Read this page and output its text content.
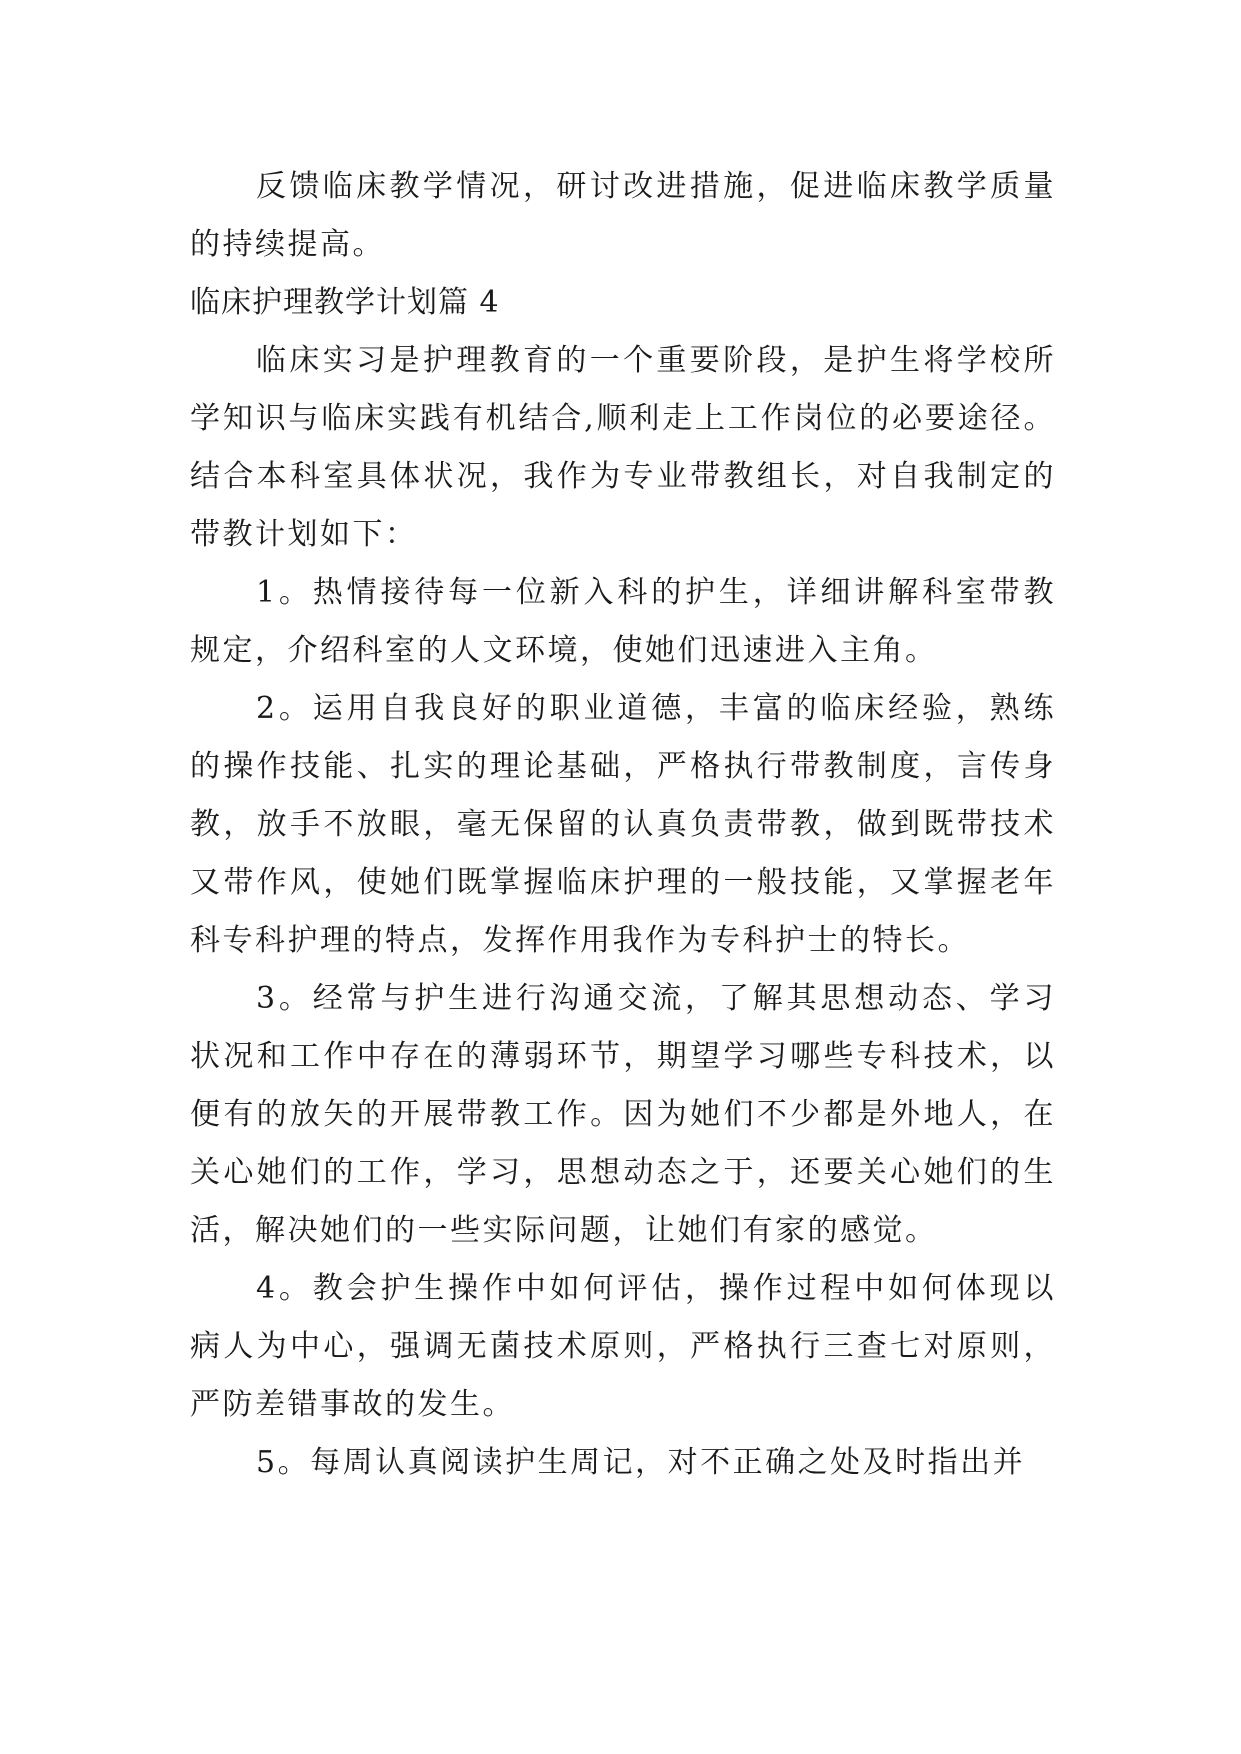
反馈临床教学情况，研讨改进措施，促进临床教学质量的持续提高。

临床护理教学计划篇 4

临床实习是护理教育的一个重要阶段，是护生将学校所学知识与临床实践有机结合,顺利走上工作岗位的必要途径。结合本科室具体状况，我作为专业带教组长，对自我制定的带教计划如下：

1。热情接待每一位新入科的护生，详细讲解科室带教规定，介绍科室的人文环境，使她们迅速进入主角。

2。运用自我良好的职业道德，丰富的临床经验，熟练的操作技能、扎实的理论基础，严格执行带教制度，言传身教，放手不放眼，毫无保留的认真负责带教，做到既带技术又带作风，使她们既掌握临床护理的一般技能，又掌握老年科专科护理的特点，发挥作用我作为专科护士的特长。

3。经常与护生进行沟通交流，了解其思想动态、学习状况和工作中存在的薄弱环节，期望学习哪些专科技术，以便有的放矢的开展带教工作。因为她们不少都是外地人，在关心她们的工作，学习，思想动态之于，还要关心她们的生活，解决她们的一些实际问题，让她们有家的感觉。

4。教会护生操作中如何评估，操作过程中如何体现以病人为中心，强调无菌技术原则，严格执行三查七对原则，严防差错事故的发生。

5。每周认真阅读护生周记，对不正确之处及时指出并
